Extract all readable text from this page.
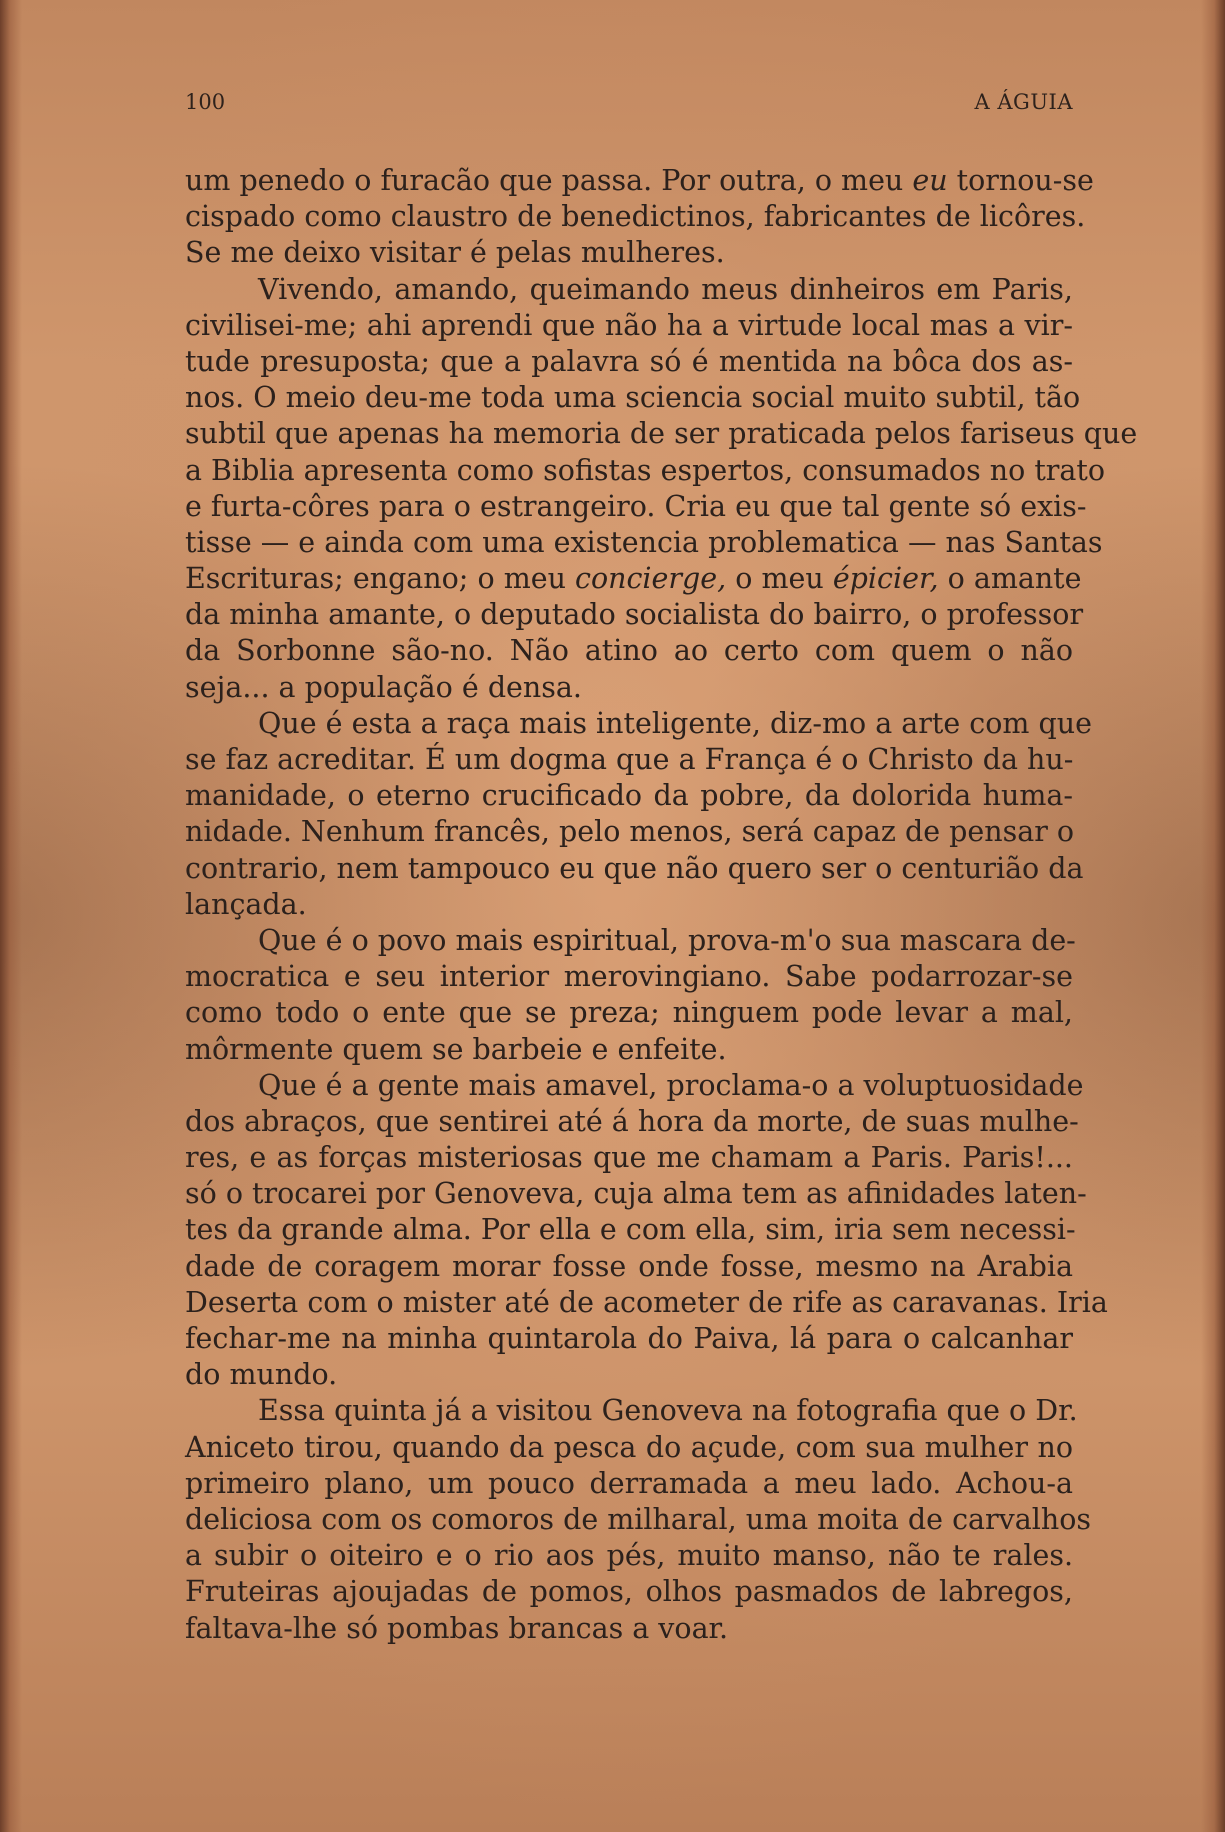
100	A ÁGUIA
um penedo o furacão que passa. Por outra, o meu eu tornou-se
cispado como claustro de benedictinos, fabricantes de licôres.
Se me deixo visitar é pelas mulheres.
Vivendo, amando, queimando meus dinheiros em Paris,
civilisei-me; ahi aprendi que não ha a virtude local mas a vir-
tude presuposta; que a palavra só é mentida na bôca dos as-
nos. O meio deu-me toda uma sciencia social muito subtil, tão
subtil que apenas ha memoria de ser praticada pelos fariseus que
a Biblia apresenta como sofistas espertos, consumados no trato
e furta-côres para o estrangeiro. Cria eu que tal gente só exis-
tisse — e ainda com uma existencia problematica — nas Santas
Escrituras; engano; o meu concierge, o meu épicier, o amante
da minha amante, o deputado socialista do bairro, o professor
da Sorbonne são-no. Não atino ao certo com quem o não
seja... a população é densa.
Que é esta a raça mais inteligente, diz-mo a arte com que
se faz acreditar. É um dogma que a França é o Christo da hu-
manidade, o eterno crucificado da pobre, da dolorida huma-
nidade. Nenhum francês, pelo menos, será capaz de pensar o
contrario, nem tampouco eu que não quero ser o centurião da
lançada.
Que é o povo mais espiritual, prova-m'o sua mascara de-
mocratica e seu interior merovingiano. Sabe podarrozar-se
como todo o ente que se preza; ninguem pode levar a mal,
môrmente quem se barbeie e enfeite.
Que é a gente mais amavel, proclama-o a voluptuosidade
dos abraços, que sentirei até á hora da morte, de suas mulhe-
res, e as forças misteriosas que me chamam a Paris. Paris!...
só o trocarei por Genoveva, cuja alma tem as afinidades laten-
tes da grande alma. Por ella e com ella, sim, iria sem necessi-
dade de coragem morar fosse onde fosse, mesmo na Arabia
Deserta com o mister até de acometer de rife as caravanas. Iria
fechar-me na minha quintarola do Paiva, lá para o calcanhar
do mundo.
Essa quinta já a visitou Genoveva na fotografia que o Dr.
Aniceto tirou, quando da pesca do açude, com sua mulher no
primeiro plano, um pouco derramada a meu lado. Achou-a
deliciosa com os comoros de milharal, uma moita de carvalhos
a subir o oiteiro e o rio aos pés, muito manso, não te rales.
Fruteiras ajoujadas de pomos, olhos pasmados de labregos,
faltava-lhe só pombas brancas a voar.
